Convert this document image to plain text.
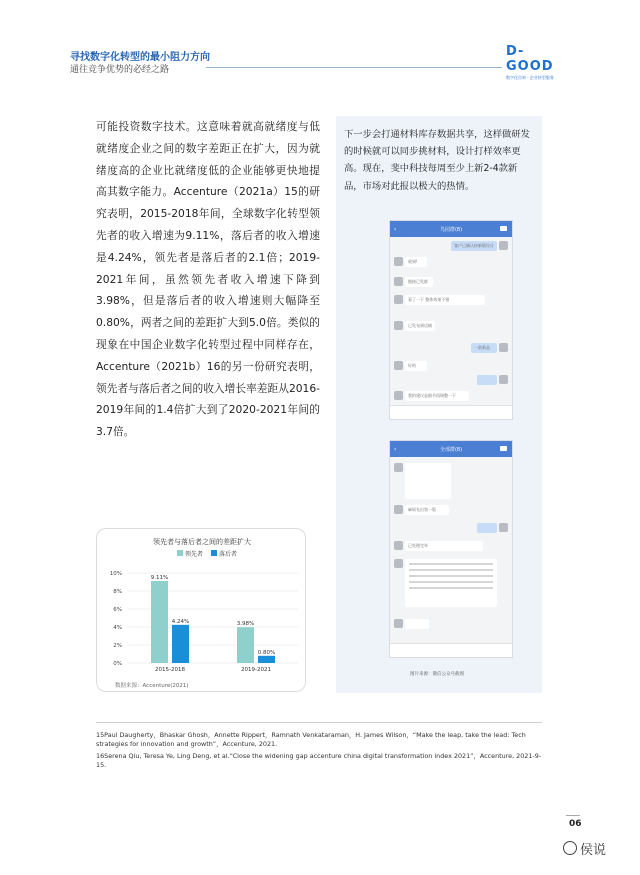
寻找数字化转型的最小阻力方向
通往竞争优势的必经之路
D-GOOD
数字化咨询 · 企业转型服务
可能投资数字技术。这意味着就高就绪度与低就绪度企业之间的数字差距正在扩大，因为就绪度高的企业比就绪度低的企业能够更快地提高其数字能力。Accenture（2021a）15的研究表明，2015-2018年间，全球数字化转型领先者的收入增速为9.11%，落后者的收入增速是4.24%，领先者是落后者的2.1倍；2019-2021年间，虽然领先者收入增速下降到3.98%，但是落后者的收入增速则大幅降至0.80%，两者之间的差距扩大到5.0倍。类似的现象在中国企业数字化转型过程中同样存在，Accenture（2021b）16的另一份研究表明，领先者与落后者之间的收入增长率差距从2016-2019年间的1.4倍扩大到了2020-2021年间的3.7倍。
领先者与落后者之间的差距扩大
领先者	落后者
0%
2%
4%
6%
8%
10%
9.11%
4.24%
2015-2018
3.98%
0.80%
2019-2021
数据来源：Accenture(2021)
下一步会打通材料库存数据共享，这样做研发的时候就可以同步挑材料，设计打样效率更高。现在，斐中科技每周至少上新2-4款新品，市场对此报以极大的热情。
‹	鸟园群(8)
客户已确认按新版设计
收到!
链接已发群
看了一下 整体效果不错
已发布到店铺
一款新品
好的
我的建议是细节再调整一下
‹	全部群(8)
麻烦先出第一版
已处理完毕
图片来源：微信公众号截图
15Paul Daugherty，Bhaskar Ghosh，Annette Rippert，Ramnath Venkataraman，H. James Wilson，“Make the leap, take the lead: Tech strategies for innovation and growth”，Accenture, 2021.
16Serena Qiu, Teresa Ye, Ling Deng, et al.“Close the widening gap accenture china digital transformation index 2021”，Accenture, 2021-9-15.
06
侯说
